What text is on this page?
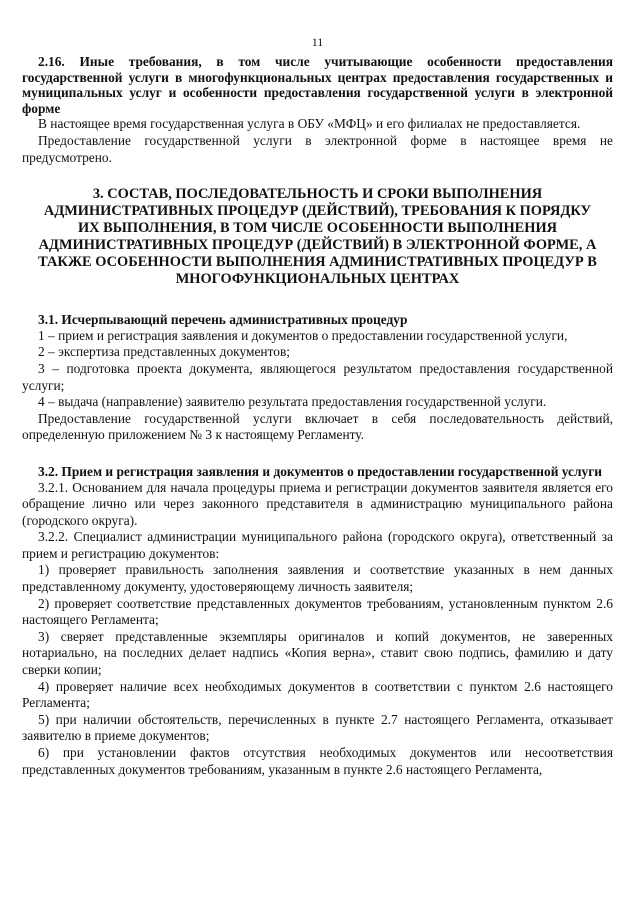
11

2.16. Иные требования, в том числе учитывающие особенности предоставления государственной услуги в многофункциональных центрах предоставления государственных и муниципальных услуг и особенности предоставления государственной услуги в электронной форме

В настоящее время государственная услуга в ОБУ «МФЦ» и его филиалах не предоставляется.

Предоставление государственной услуги в электронной форме в настоящее время не предусмотрено.

3. СОСТАВ, ПОСЛЕДОВАТЕЛЬНОСТЬ И СРОКИ ВЫПОЛНЕНИЯ АДМИНИСТРАТИВНЫХ ПРОЦЕДУР (ДЕЙСТВИЙ), ТРЕБОВАНИЯ К ПОРЯДКУ ИХ ВЫПОЛНЕНИЯ, В ТОМ ЧИСЛЕ ОСОБЕННОСТИ ВЫПОЛНЕНИЯ АДМИНИСТРАТИВНЫХ ПРОЦЕДУР (ДЕЙСТВИЙ) В ЭЛЕКТРОННОЙ ФОРМЕ, А ТАКЖЕ ОСОБЕННОСТИ ВЫПОЛНЕНИЯ АДМИНИСТРАТИВНЫХ ПРОЦЕДУР В МНОГОФУНКЦИОНАЛЬНЫХ ЦЕНТРАХ

3.1. Исчерпывающий перечень административных процедур

1 – прием и регистрация заявления и документов о предоставлении государственной услуги,

2 – экспертиза представленных документов;

3 – подготовка проекта документа, являющегося результатом предоставления государственной услуги;

4 – выдача (направление) заявителю результата предоставления государственной услуги.

Предоставление государственной услуги включает в себя последовательность действий, определенную приложением № 3 к настоящему Регламенту.

3.2. Прием и регистрация заявления и документов о предоставлении государственной услуги

3.2.1. Основанием для начала процедуры приема и регистрации документов заявителя является его обращение лично или через законного представителя в администрацию муниципального района (городского округа).

3.2.2. Специалист администрации муниципального района (городского округа), ответственный за прием и регистрацию документов:

1) проверяет правильность заполнения заявления и соответствие указанных в нем данных представленному документу, удостоверяющему личность заявителя;

2) проверяет соответствие представленных документов требованиям, установленным пунктом 2.6 настоящего Регламента;

3) сверяет представленные экземпляры оригиналов и копий документов, не заверенных нотариально, на последних делает надпись «Копия верна», ставит свою подпись, фамилию и дату сверки копии;

4) проверяет наличие всех необходимых документов в соответствии с пунктом 2.6 настоящего Регламента;

5) при наличии обстоятельств, перечисленных в пункте 2.7 настоящего Регламента, отказывает заявителю в приеме документов;

6) при установлении фактов отсутствия необходимых документов или несоответствия представленных документов требованиям, указанным в пункте 2.6 настоящего Регламента,
